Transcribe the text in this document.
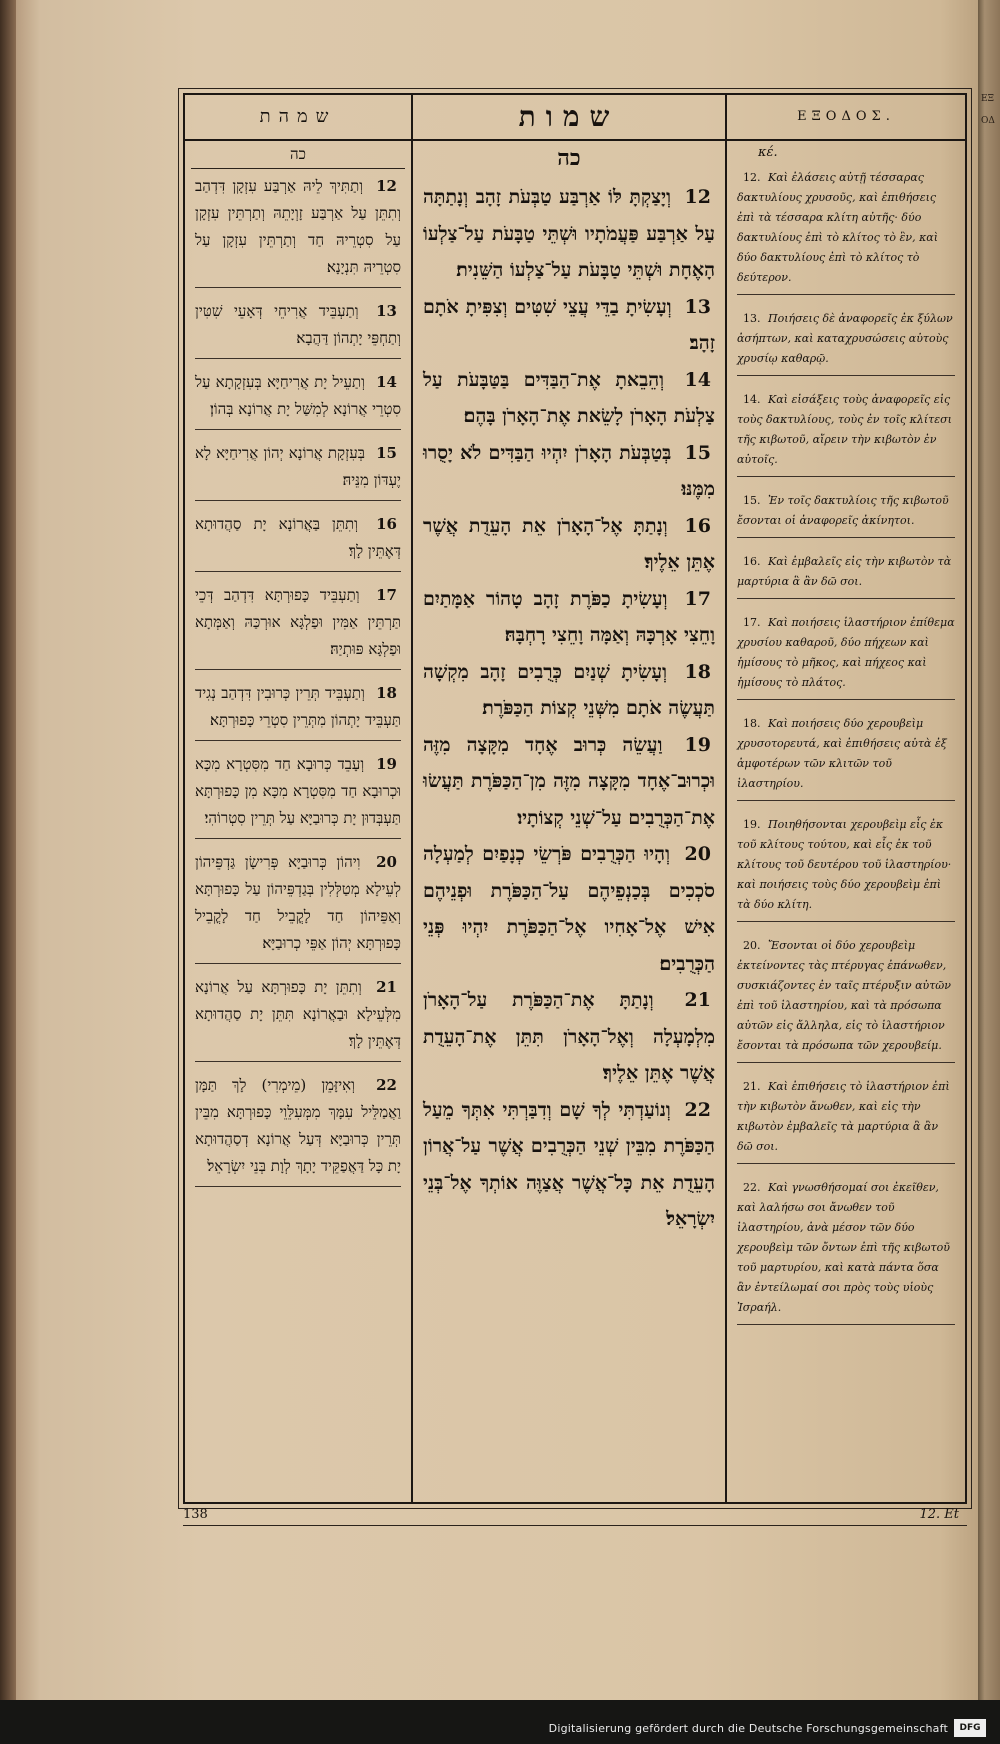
שמהת
כה
12 וְתַתִּיךְ לֵיהּ אַרְבַּע עִזְקָן דִּדְהַב וְתִתֵּן עַל אַרְבַּע זָוְיָתֵהּ וְתַרְתֵּין עִזְקָן עַל סִטְרֵיהּ חַד וְתַרְתֵּין עִזְקָן עַל סִטְרֵיהּ תִּנְיָנָא׃
13 וְתַעְבֵּיד אֲרִיחֵי דְּאָעֵי שִׁטִּין וְתַחְפֵּי יָתְהוֹן דַּהֲבָא׃
14 וְתַעֵיל יָת אֲרִיחַיָּא בְּעִזְקָתָא עַל סִטְרֵי אֲרוֹנָא לְמִשַּׁל יָת אֲרוֹנָא בְּהוֹן׃
15 בְּעִזְקָת אֲרוֹנָא יְהוֹן אֲרִיחַיָּא לָא יֶעְדּוֹן מִנֵּיהּ׃
16 וְתִתֵּן בַּאֲרוֹנָא יָת סַהֲדוּתָא דְּאֶתֵּין לָךְ׃
17 וְתַעְבֵּיד כָּפוּרְתָּא דִּדְהַב דְּכֵי תַּרְתֵּין אַמִּין וּפַלְגָּא אוּרְכַּהּ וְאַמְּתָא וּפַלְגָּא פּוּתְיַהּ׃
18 וְתַעְבֵּיד תְּרֵין כְּרוּבִין דִּדְהַב נְגִיד תַּעְבֵּיד יָתְהוֹן מִתְּרֵין סִטְרֵי כָּפוּרְתָּא׃
19 וְעָבֵד כְּרוּבָא חַד מִסִּטְרָא מִכָּא וּכְרוּבָא חַד מִסִּטְרָא מִכָּא מִן כָּפוּרְתָּא תַּעְבְּדוּן יָת כְּרוּבַיָּא עַל תְּרֵין סִטְרוֹהִי׃
20 וִיהוֹן כְּרוּבַיָּא פְּרִישָׂן גַּדְפֵּיהוֹן לְעֵילָא מְטַלְּלִין בְּגַדְפֵּיהוֹן עַל כָּפוּרְתָּא וְאַפֵּיהוֹן חַד לָקֳבֵיל חַד לָקֳבֵיל כָּפוּרְתָּא יְהוֹן אַפֵּי כְרוּבַיָּא׃
21 וְתִתֵּן יָת כָּפוּרְתָּא עַל אֲרוֹנָא מִלְּעֵילָא וּבַאֲרוֹנָא תִּתֵּן יָת סַהֲדוּתָא דְּאֶתֵּין לָךְ׃
22 וְאִיזָּמֵן (מֵימְרִי) לָךְ תַּמָּן וַאֲמַלֵּיל עִמָּךְ מִמְּעִלֵּוֵי כָּפוּרְתָּא מִבֵּין תְּרֵין כְּרוּבַיָּא דְּעַל אֲרוֹנָא דְסַהֲדוּתָא יָת כָּל דַּאֲפַקֵּיד יָתָךְ לְוָת בְּנֵי יִשְׂרָאֵל׃
שמות
כה
12 וְיָצַקְתָּ לּוֹ אַרְבַּע טַבְּעֹת זָהָב וְנָתַתָּה עַל אַרְבַּע פַּעֲמֹתָיו וּשְׁתֵּי טַבָּעֹת עַל־צַלְעוֹ הָאֶחָת וּשְׁתֵּי טַבָּעֹת עַל־צַלְעוֹ הַשֵּׁנִית׃
13 וְעָשִׂיתָ בַדֵּי עֲצֵי שִׁטִּים וְצִפִּיתָ אֹתָם זָהָב׃
14 וְהֵבֵאתָ אֶת־הַבַּדִּים בַּטַּבָּעֹת עַל צַלְעֹת הָאָרֹן לָשֵׂאת אֶת־הָאָרֹן בָּהֶם׃
15 בְּטַבְּעֹת הָאָרֹן יִהְיוּ הַבַּדִּים לֹא יָסֻרוּ מִמֶּנּוּ׃
16 וְנָתַתָּ אֶל־הָאָרֹן אֵת הָעֵדֻת אֲשֶׁר אֶתֵּן אֵלֶיךָ׃
17 וְעָשִׂיתָ כַפֹּרֶת זָהָב טָהוֹר אַמָּתַיִם וָחֵצִי אָרְכָּהּ וְאַמָּה וָחֵצִי רָחְבָּהּ׃
18 וְעָשִׂיתָ שְׁנַיִם כְּרֻבִים זָהָב מִקְשָׁה תַּעֲשֶׂה אֹתָם מִשְּׁנֵי קְצוֹת הַכַּפֹּרֶת׃
19 וַעֲשֵׂה כְּרוּב אֶחָד מִקָּצָה מִזֶּה וּכְרוּב־אֶחָד מִקָּצָה מִזֶּה מִן־הַכַּפֹּרֶת תַּעֲשׂוּ אֶת־הַכְּרֻבִים עַל־שְׁנֵי קְצוֹתָיו׃
20 וְהָיוּ הַכְּרֻבִים פֹּרְשֵׂי כְנָפַיִם לְמַעְלָה סֹכְכִים בְּכַנְפֵיהֶם עַל־הַכַּפֹּרֶת וּפְנֵיהֶם אִישׁ אֶל־אָחִיו אֶל־הַכַּפֹּרֶת יִהְיוּ פְּנֵי הַכְּרֻבִים׃
21 וְנָתַתָּ אֶת־הַכַּפֹּרֶת עַל־הָאָרֹן מִלְמָעְלָה וְאֶל־הָאָרֹן תִּתֵּן אֶת־הָעֵדֻת אֲשֶׁר אֶתֵּן אֵלֶיךָ׃
22 וְנוֹעַדְתִּי לְךָ שָׁם וְדִבַּרְתִּי אִתְּךָ מֵעַל הַכַּפֹּרֶת מִבֵּין שְׁנֵי הַכְּרֻבִים אֲשֶׁר עַל־אֲרוֹן הָעֵדֻת אֵת כָּל־אֲשֶׁר אֲצַוֶּה אוֹתְךָ אֶל־בְּנֵי יִשְׂרָאֵל׃
ΕΞΟΔΟΣ.
κέ.
12. Καὶ ἐλάσεις αὐτῇ τέσσαρας δακτυλίους χρυσοῦς, καὶ ἐπιθήσεις ἐπὶ τὰ τέσσαρα κλίτη αὐτῆς· δύο δακτυλίους ἐπὶ τὸ κλίτος τὸ ἓν, καὶ δύο δακτυλίους ἐπὶ τὸ κλίτος τὸ δεύτερον.
13. Ποιήσεις δὲ ἀναφορεῖς ἐκ ξύλων ἀσήπτων, καὶ καταχρυσώσεις αὐτοὺς χρυσίῳ καθαρῷ.
14. Καὶ εἰσάξεις τοὺς ἀναφορεῖς εἰς τοὺς δακτυλίους, τοὺς ἐν τοῖς κλίτεσι τῆς κιβωτοῦ, αἴρειν τὴν κιβωτὸν ἐν αὐτοῖς.
15. Ἐν τοῖς δακτυλίοις τῆς κιβωτοῦ ἔσονται οἱ ἀναφορεῖς ἀκίνητοι.
16. Καὶ ἐμβαλεῖς εἰς τὴν κιβωτὸν τὰ μαρτύρια ἃ ἂν δῶ σοι.
17. Καὶ ποιήσεις ἱλαστήριον ἐπίθεμα χρυσίου καθαροῦ, δύο πήχεων καὶ ἡμίσους τὸ μῆκος, καὶ πήχεος καὶ ἡμίσους τὸ πλάτος.
18. Καὶ ποιήσεις δύο χερουβεὶμ χρυσοτορευτά, καὶ ἐπιθήσεις αὐτὰ ἐξ ἀμφοτέρων τῶν κλιτῶν τοῦ ἱλαστηρίου.
19. Ποιηθήσονται χερουβεὶμ εἷς ἐκ τοῦ κλίτους τούτου, καὶ εἷς ἐκ τοῦ κλίτους τοῦ δευτέρου τοῦ ἱλαστηρίου· καὶ ποιήσεις τοὺς δύο χερουβεὶμ ἐπὶ τὰ δύο κλίτη.
20. Ἔσονται οἱ δύο χερουβεὶμ ἐκτείνοντες τὰς πτέρυγας ἐπάνωθεν, συσκιάζοντες ἐν ταῖς πτέρυξιν αὐτῶν ἐπὶ τοῦ ἱλαστηρίου, καὶ τὰ πρόσωπα αὐτῶν εἰς ἄλληλα, εἰς τὸ ἱλαστήριον ἔσονται τὰ πρόσωπα τῶν χερουβείμ.
21. Καὶ ἐπιθήσεις τὸ ἱλαστήριον ἐπὶ τὴν κιβωτὸν ἄνωθεν, καὶ εἰς τὴν κιβωτὸν ἐμβαλεῖς τὰ μαρτύρια ἃ ἂν δῶ σοι.
22. Καὶ γνωσθήσομαί σοι ἐκεῖθεν, καὶ λαλήσω σοι ἄνωθεν τοῦ ἱλαστηρίου, ἀνὰ μέσον τῶν δύο χερουβεὶμ τῶν ὄντων ἐπὶ τῆς κιβωτοῦ τοῦ μαρτυρίου, καὶ κατὰ πάντα ὅσα ἂν ἐντείλωμαί σοι πρὸς τοὺς υἱοὺς Ἰσραήλ.
138	12. Et
ΕΞΟΔ
Digitalisierung gefördert durch die Deutsche Forschungsgemeinschaft	DFG
